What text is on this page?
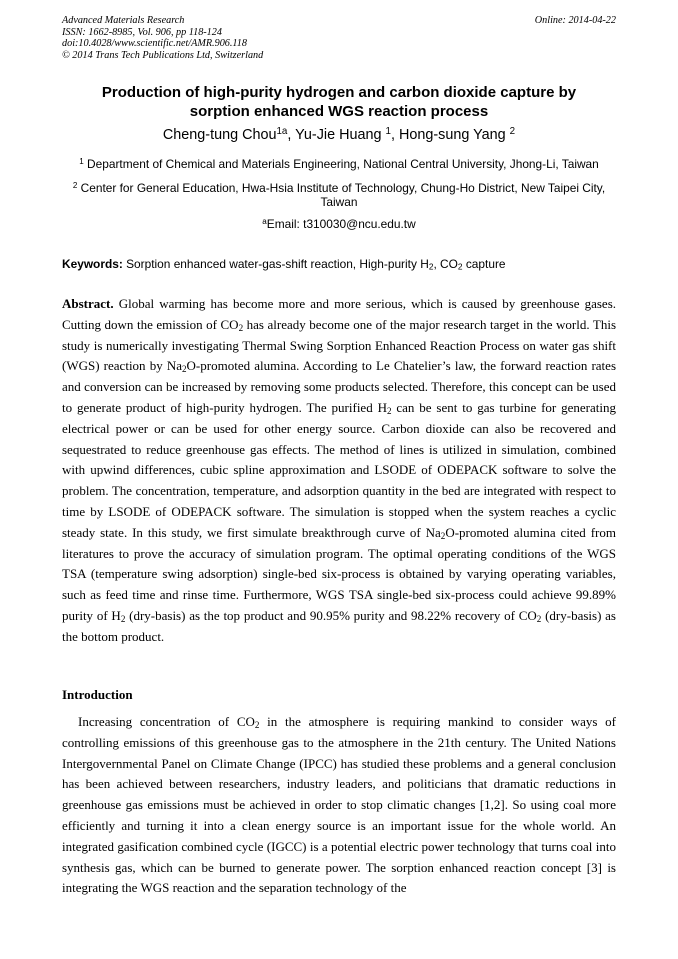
Advanced Materials Research
ISSN: 1662-8985, Vol. 906, pp 118-124
doi:10.4028/www.scientific.net/AMR.906.118
© 2014 Trans Tech Publications Ltd, Switzerland
Online: 2014-04-22
Production of high-purity hydrogen and carbon dioxide capture by
sorption enhanced WGS reaction process
Cheng-tung Chou$^{1a}$, Yu-Jie Huang $^1$, Hong-sung Yang $^2$
$^1$ Department of Chemical and Materials Engineering, National Central University, Jhong-Li, Taiwan
$^2$ Center for General Education, Hwa-Hsia Institute of Technology, Chung-Ho District, New Taipei City, Taiwan
$^a$Email: t310030@ncu.edu.tw
Keywords: Sorption enhanced water-gas-shift reaction, High-purity $H_2$, $CO_2$ capture
Abstract. Global warming has become more and more serious, which is caused by greenhouse gases. Cutting down the emission of $CO_2$ has already become one of the major research target in the world. This study is numerically investigating Thermal Swing Sorption Enhanced Reaction Process on water gas shift (WGS) reaction by $Na_2O$-promoted alumina. According to Le Chatelier’s law, the forward reaction rates and conversion can be increased by removing some products selected. Therefore, this concept can be used to generate product of high-purity hydrogen. The purified $H_2$ can be sent to gas turbine for generating electrical power or can be used for other energy source. Carbon dioxide can also be recovered and sequestrated to reduce greenhouse gas effects. The method of lines is utilized in simulation, combined with upwind differences, cubic spline approximation and LSODE of ODEPACK software to solve the problem. The concentration, temperature, and adsorption quantity in the bed are integrated with respect to time by LSODE of ODEPACK software. The simulation is stopped when the system reaches a cyclic steady state. In this study, we first simulate breakthrough curve of $Na_2O$-promoted alumina cited from literatures to prove the accuracy of simulation program. The optimal operating conditions of the WGS TSA (temperature swing adsorption) single-bed six-process is obtained by varying operating variables, such as feed time and rinse time. Furthermore, WGS TSA single-bed six-process could achieve 99.89% purity of $H_2$ (dry-basis) as the top product and 90.95% purity and 98.22% recovery of $CO_2$ (dry-basis) as the bottom product.
Introduction
Increasing concentration of $CO_2$ in the atmosphere is requiring mankind to consider ways of controlling emissions of this greenhouse gas to the atmosphere in the 21th century. The United Nations Intergovernmental Panel on Climate Change (IPCC) has studied these problems and a general conclusion has been achieved between researchers, industry leaders, and politicians that dramatic reductions in greenhouse gas emissions must be achieved in order to stop climatic changes [1,2]. So using coal more efficiently and turning it into a clean energy source is an important issue for the whole world. An integrated gasification combined cycle (IGCC) is a potential electric power technology that turns coal into synthesis gas, which can be burned to generate power. The sorption enhanced reaction concept [3] is integrating the WGS reaction and the separation technology of the
